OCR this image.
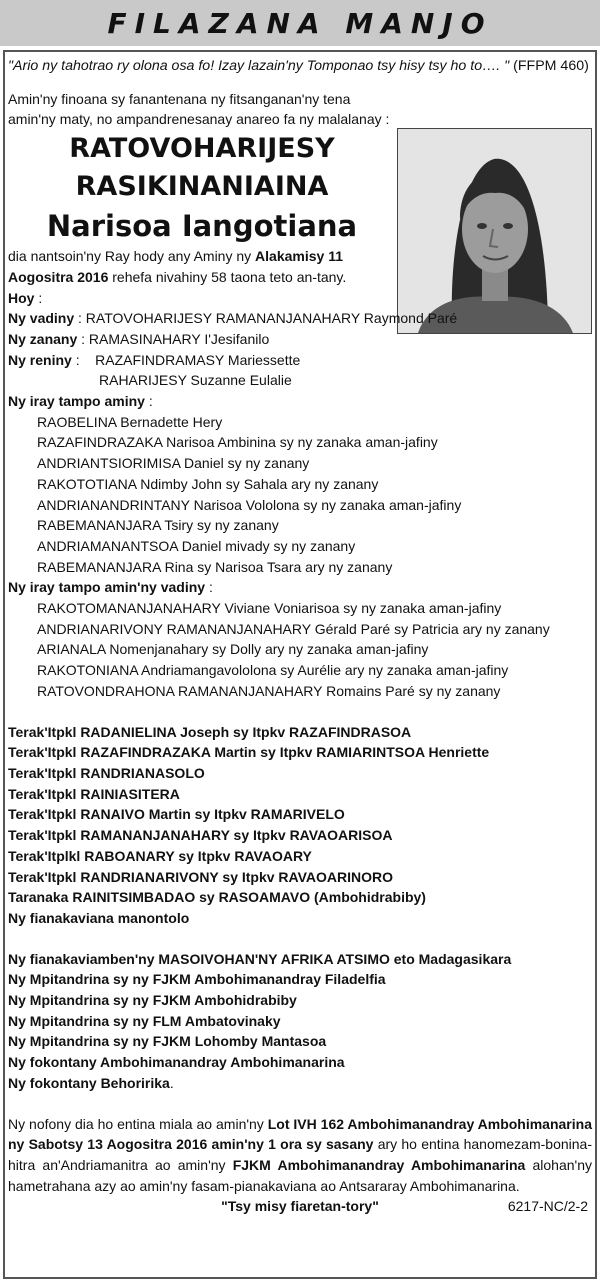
FILAZANA MANJO

"Ario ny tahotrao ry olona osa fo! Izay lazain'ny Tomponao tsy hisy tsy ho to…. " (FFPM 460)

Amin'ny finoana sy fanantenana ny fitsanganan'ny tena amin'ny maty, no ampandrenesanay anareo fa ny malalanay :

RATOVOHARIJESY
RASIKINANIAINA
Narisoa Iangotiana

dia nantsoin'ny Ray hody any Aminy ny Alakamisy 11 Aogositra 2016 rehefa nivahiny 58 taona teto an-tany.

Hoy :

Ny vadiny : RATOVOHARIJESY RAMANANJANAHARY Raymond Paré

Ny zanany : RAMASINAHARY I'Jesifanilo

Ny reniny :    RAZAFINDRAMASY Mariessette

RAHARIJESY Suzanne Eulalie

Ny iray tampo aminy :

RAOBELINA Bernadette Hery

RAZAFINDRAZAKA Narisoa Ambinina sy ny zanaka aman-jafiny

ANDRIANTSIORIMISA Daniel sy ny zanany

RAKOTOTIANA Ndimby John sy Sahala ary ny zanany

ANDRIANANDRINTANY Narisoa Vololona sy ny zanaka aman-jafiny

RABEMANANJARA Tsiry sy ny zanany

ANDRIAMANANTSOA Daniel mivady sy ny zanany

RABEMANANJARA Rina sy Narisoa Tsara ary ny zanany

Ny iray tampo amin'ny vadiny :

RAKOTOMANANJANAHARY Viviane Voniarisoa sy ny zanaka aman-jafiny

ANDRIANARIVONY RAMANANJANAHARY Gérald Paré sy Patricia ary ny zanany

ARIANALA Nomenjanahary sy Dolly ary ny zanaka aman-jafiny

RAKOTONIANA Andriamangavololona sy Aurélie ary ny zanaka aman-jafiny

RATOVONDRAHONA RAMANANJANAHARY Romains Paré sy ny zanany

Terak'Itpkl RADANIELINA Joseph sy Itpkv RAZAFINDRASOA

Terak'Itpkl RAZAFINDRAZAKA Martin sy Itpkv RAMIARINTSOA Henriette

Terak'Itpkl RANDRIANASOLO

Terak'Itpkl RAINIASITERA

Terak'Itpkl RANAIVO Martin sy Itpkv RAMARIVELO

Terak'Itpkl RAMANANJANAHARY sy Itpkv RAVAOARISOA

Terak'Itplkl RABOANARY sy Itpkv RAVAOARY

Terak'Itpkl RANDRIANARIVONY sy Itpkv RAVAOARINORO

Taranaka RAINITSIMBADAO sy RASOAMAVO (Ambohidrabiby)

Ny fianakaviana manontolo

Ny fianakaviamben'ny MASOIVOHAN'NY AFRIKA ATSIMO eto Madagasikara

Ny Mpitandrina sy ny FJKM Ambohimanandray Filadelfia

Ny Mpitandrina sy ny FJKM Ambohidrabiby

Ny Mpitandrina sy ny FLM Ambatovinaky

Ny Mpitandrina sy ny FJKM Lohomby Mantasoa

Ny fokontany Ambohimanandray Ambohimanarina

Ny fokontany Behoririka.

Ny nofony dia ho entina miala ao amin'ny Lot IVH 162 Ambohimanandray Ambohimanarina ny Sabotsy 13 Aogositra 2016 amin'ny 1 ora sy sasany ary ho entina hanomezam-bonina-hitra an'Andriamanitra ao amin'ny FJKM Ambohimanandray Ambohimanarina alohan'ny hametrahana azy ao amin'ny fasam-pianakaviana ao Antsararay Ambohimanarina.

"Tsy misy fiaretan-tory"	6217-NC/2-2
